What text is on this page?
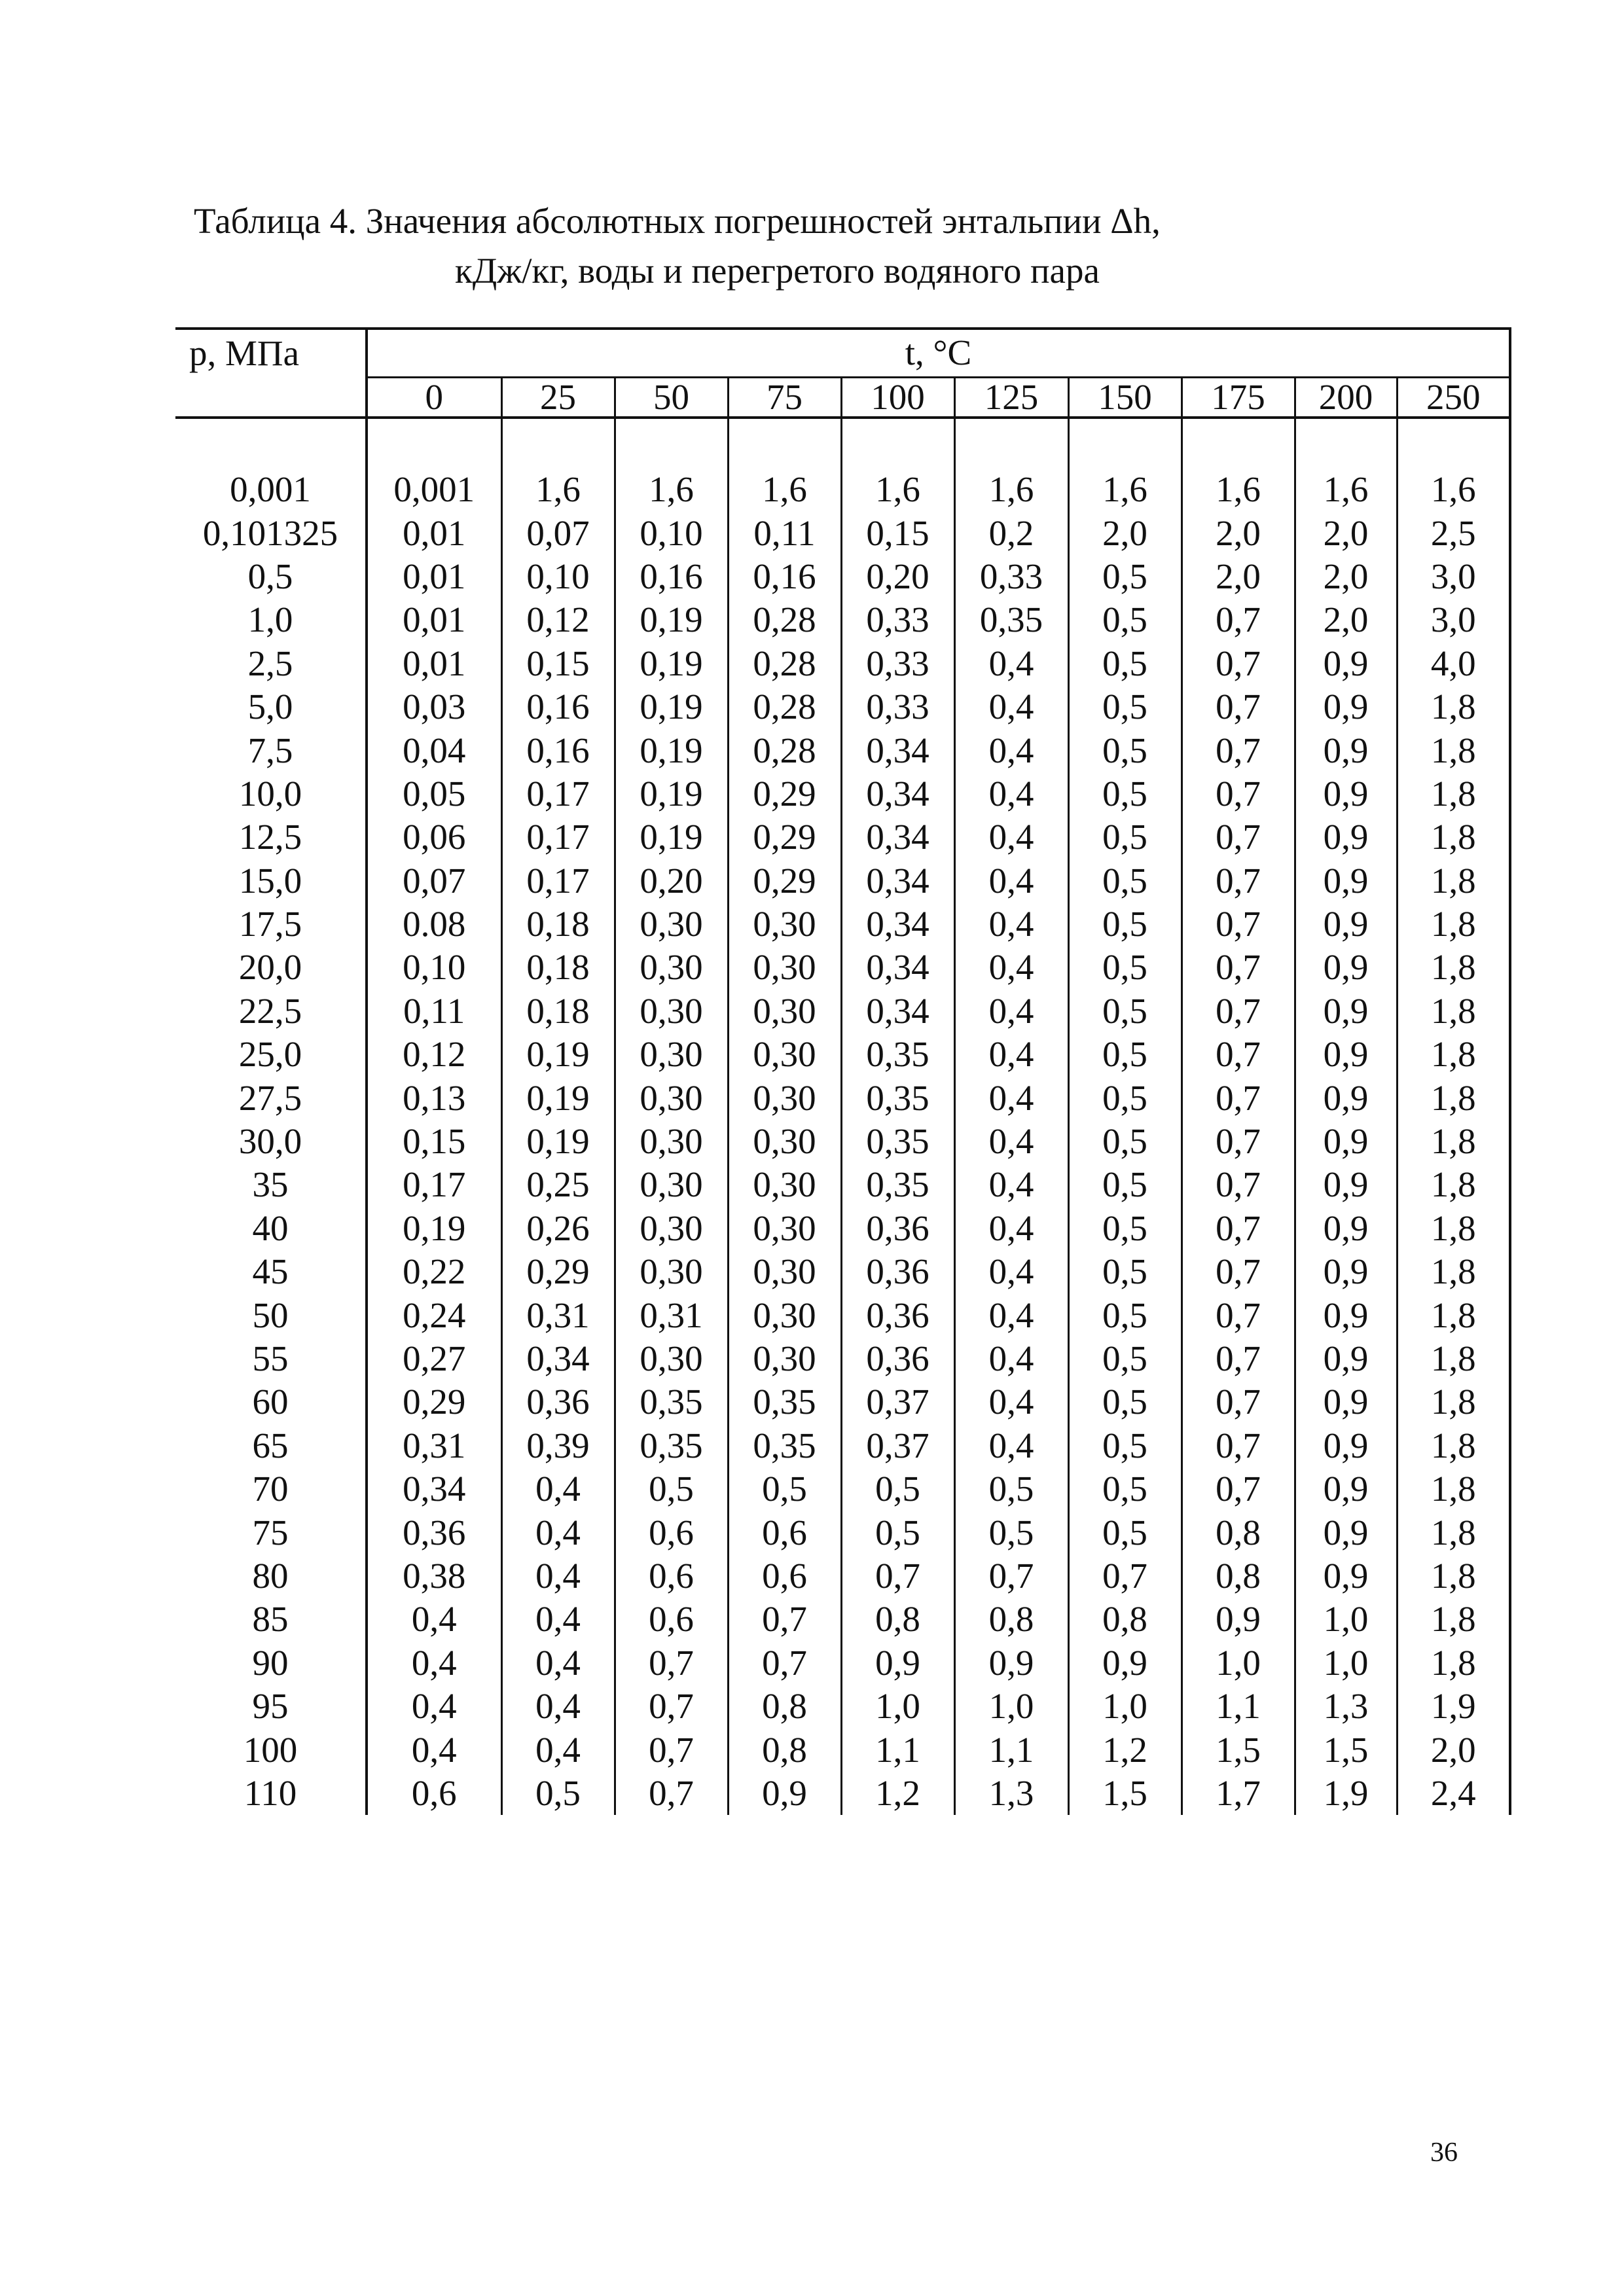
Таблица 4. Значения абсолютных погрешностей энтальпии Δh,
кДж/кг, воды и перегретого водяного пара
p, МПа	t, °C									
	0	25	50	75	100	125	150	175	200	250

0,001	0,001	1,6	1,6	1,6	1,6	1,6	1,6	1,6	1,6	1,6
0,101325	0,01	0,07	0,10	0,11	0,15	0,2	2,0	2,0	2,0	2,5
0,5	0,01	0,10	0,16	0,16	0,20	0,33	0,5	2,0	2,0	3,0
1,0	0,01	0,12	0,19	0,28	0,33	0,35	0,5	0,7	2,0	3,0
2,5	0,01	0,15	0,19	0,28	0,33	0,4	0,5	0,7	0,9	4,0
5,0	0,03	0,16	0,19	0,28	0,33	0,4	0,5	0,7	0,9	1,8
7,5	0,04	0,16	0,19	0,28	0,34	0,4	0,5	0,7	0,9	1,8
10,0	0,05	0,17	0,19	0,29	0,34	0,4	0,5	0,7	0,9	1,8
12,5	0,06	0,17	0,19	0,29	0,34	0,4	0,5	0,7	0,9	1,8
15,0	0,07	0,17	0,20	0,29	0,34	0,4	0,5	0,7	0,9	1,8
17,5	0.08	0,18	0,30	0,30	0,34	0,4	0,5	0,7	0,9	1,8
20,0	0,10	0,18	0,30	0,30	0,34	0,4	0,5	0,7	0,9	1,8
22,5	0,11	0,18	0,30	0,30	0,34	0,4	0,5	0,7	0,9	1,8
25,0	0,12	0,19	0,30	0,30	0,35	0,4	0,5	0,7	0,9	1,8
27,5	0,13	0,19	0,30	0,30	0,35	0,4	0,5	0,7	0,9	1,8
30,0	0,15	0,19	0,30	0,30	0,35	0,4	0,5	0,7	0,9	1,8
35	0,17	0,25	0,30	0,30	0,35	0,4	0,5	0,7	0,9	1,8
40	0,19	0,26	0,30	0,30	0,36	0,4	0,5	0,7	0,9	1,8
45	0,22	0,29	0,30	0,30	0,36	0,4	0,5	0,7	0,9	1,8
50	0,24	0,31	0,31	0,30	0,36	0,4	0,5	0,7	0,9	1,8
55	0,27	0,34	0,30	0,30	0,36	0,4	0,5	0,7	0,9	1,8
60	0,29	0,36	0,35	0,35	0,37	0,4	0,5	0,7	0,9	1,8
65	0,31	0,39	0,35	0,35	0,37	0,4	0,5	0,7	0,9	1,8
70	0,34	0,4	0,5	0,5	0,5	0,5	0,5	0,7	0,9	1,8
75	0,36	0,4	0,6	0,6	0,5	0,5	0,5	0,8	0,9	1,8
80	0,38	0,4	0,6	0,6	0,7	0,7	0,7	0,8	0,9	1,8
85	0,4	0,4	0,6	0,7	0,8	0,8	0,8	0,9	1,0	1,8
90	0,4	0,4	0,7	0,7	0,9	0,9	0,9	1,0	1,0	1,8
95	0,4	0,4	0,7	0,8	1,0	1,0	1,0	1,1	1,3	1,9
100	0,4	0,4	0,7	0,8	1,1	1,1	1,2	1,5	1,5	2,0
110	0,6	0,5	0,7	0,9	1,2	1,3	1,5	1,7	1,9	2,4
36
